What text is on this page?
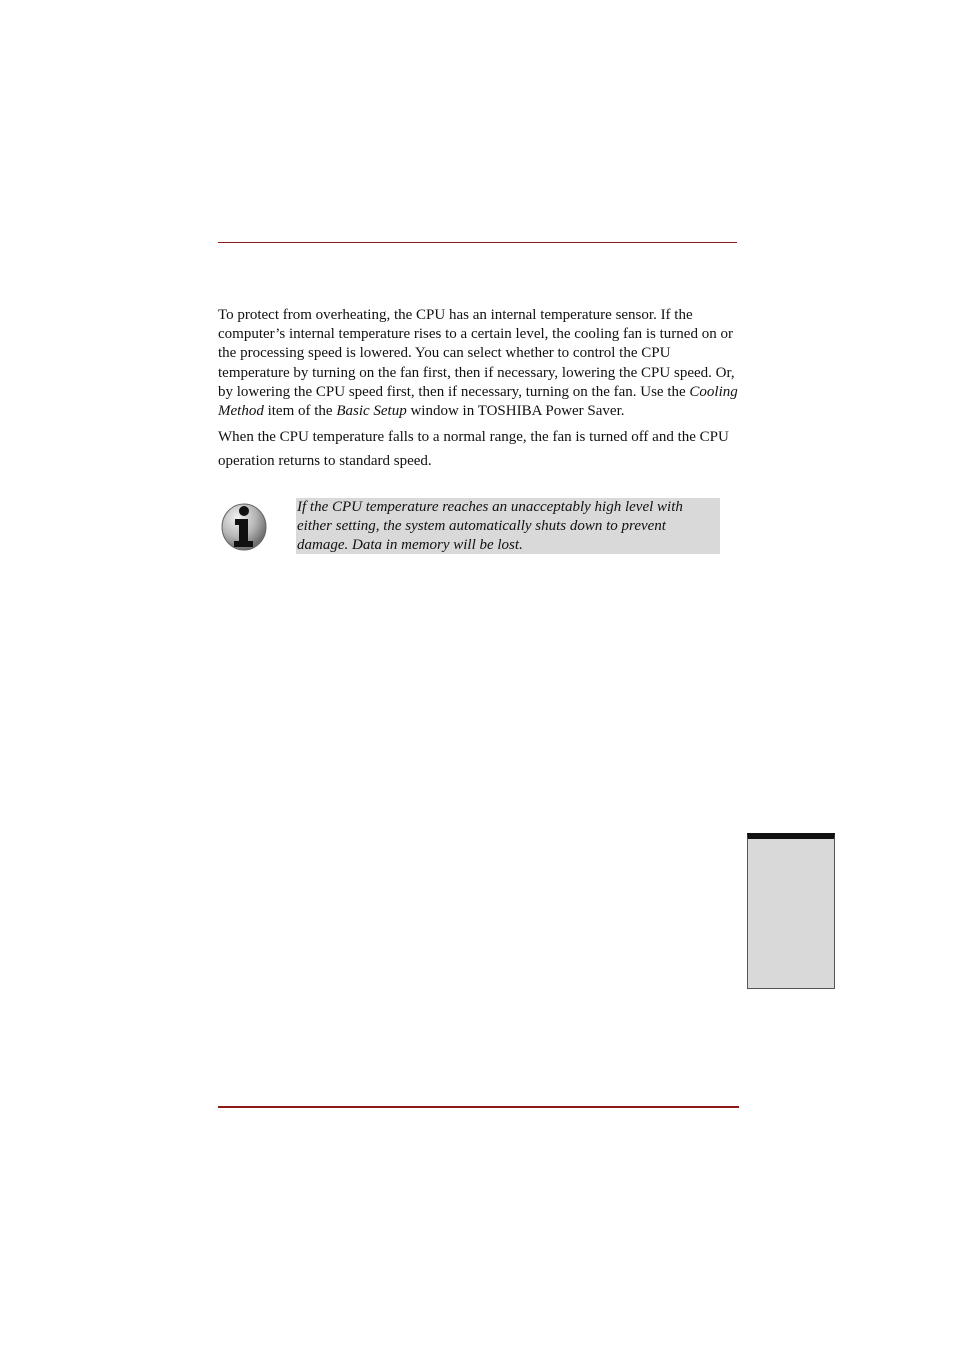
To protect from overheating, the CPU has an internal temperature sensor. If the computer’s internal temperature rises to a certain level, the cooling fan is turned on or the processing speed is lowered. You can select whether to control the CPU temperature by turning on the fan first, then if necessary, lowering the CPU speed. Or, by lowering the CPU speed first, then if necessary, turning on the fan. Use the Cooling Method item of the Basic Setup window in TOSHIBA Power Saver.

When the CPU temperature falls to a normal range, the fan is turned off and the CPU operation returns to standard speed.

If the CPU temperature reaches an unacceptably high level with either setting, the system automatically shuts down to prevent damage. Data in memory will be lost.
